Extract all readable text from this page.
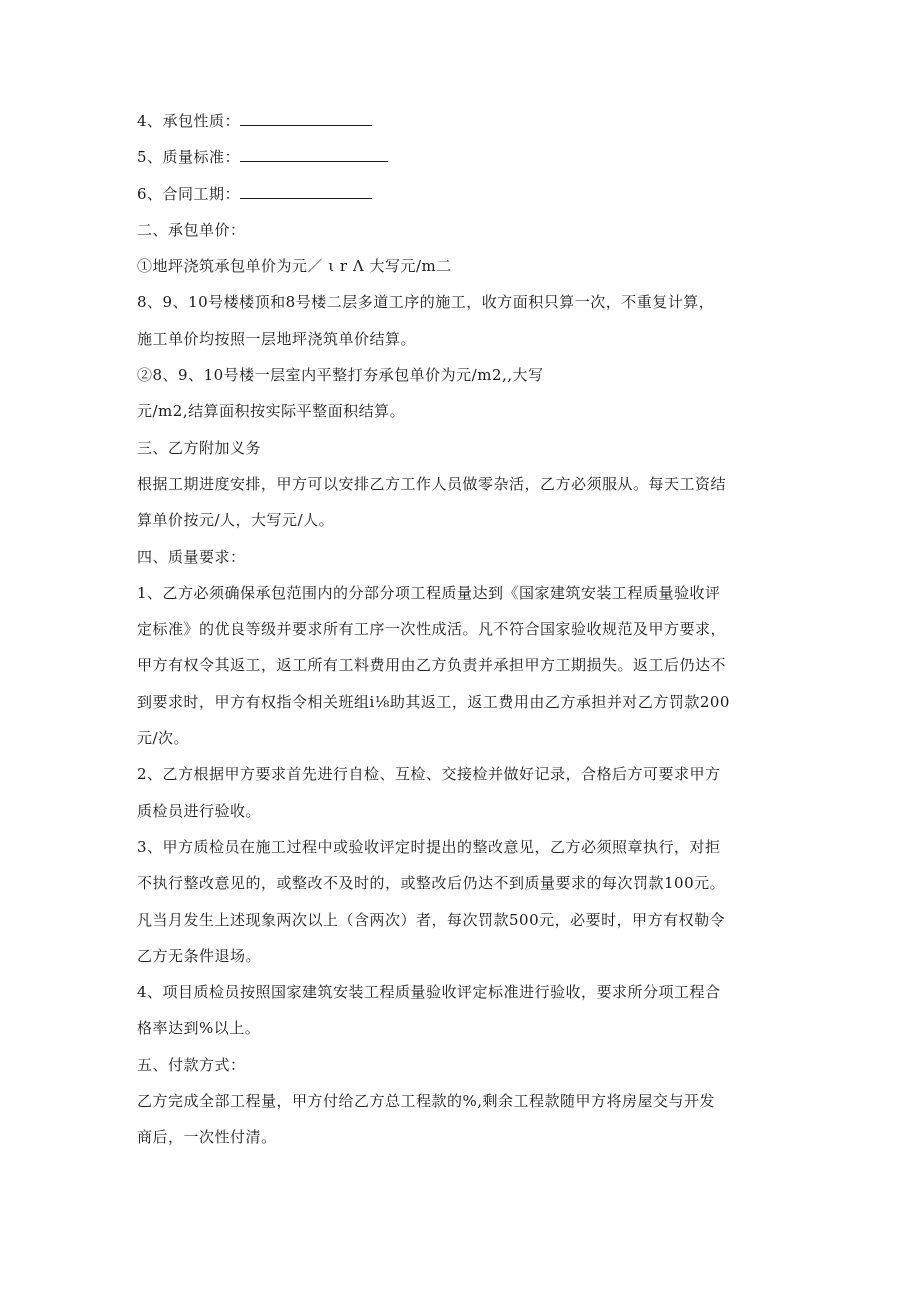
4、承包性质：
5、质量标准：
6、合同工期：
二、承包单价：
①地坪浇筑承包单价为元／ ι r Λ 大写元/m二
8、9、10号楼楼顶和8号楼二层多道工序的施工，收方面积只算一次，不重复计算，
施工单价均按照一层地坪浇筑单价结算。
②8、9、10号楼一层室内平整打夯承包单价为元/m2,,大写
元/m2,结算面积按实际平整面积结算。
三、乙方附加义务
根据工期进度安排，甲方可以安排乙方工作人员做零杂活，乙方必须服从。每天工资结
算单价按元/人，大写元/人。
四、质量要求：
1、乙方必须确保承包范围内的分部分项工程质量达到《国家建筑安装工程质量验收评
定标准》的优良等级并要求所有工序一次性成活。凡不符合国家验收规范及甲方要求，
甲方有权令其返工，返工所有工料费用由乙方负责并承担甲方工期损失。返工后仍达不
到要求时，甲方有权指令相关班组i⅛助其返工，返工费用由乙方承担并对乙方罚款200
元/次。
2、乙方根据甲方要求首先进行自检、互检、交接检并做好记录，合格后方可要求甲方
质检员进行验收。
3、甲方质检员在施工过程中或验收评定时提出的整改意见，乙方必须照章执行，对拒
不执行整改意见的，或整改不及时的，或整改后仍达不到质量要求的每次罚款100元。
凡当月发生上述现象两次以上（含两次）者，每次罚款500元，必要时，甲方有权勒令
乙方无条件退场。
4、项目质检员按照国家建筑安装工程质量验收评定标准进行验收，要求所分项工程合
格率达到%以上。
五、付款方式：
乙方完成全部工程量，甲方付给乙方总工程款的%,剩余工程款随甲方将房屋交与开发
商后，一次性付清。
